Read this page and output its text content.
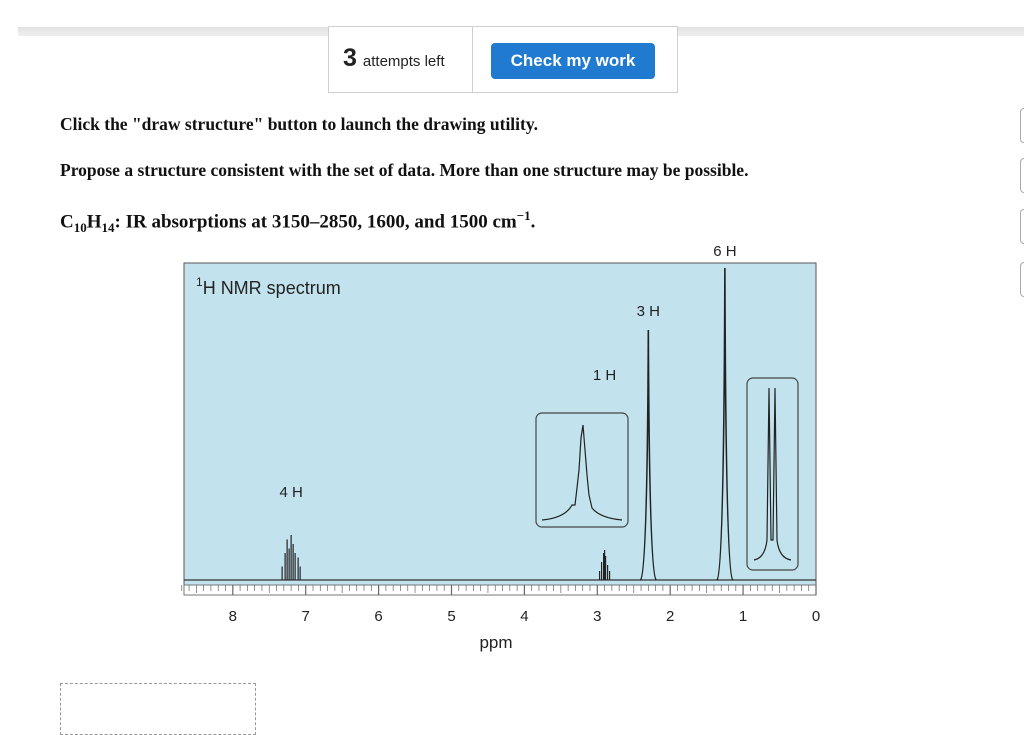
3 attempts left	Check my work
Click the "draw structure" button to launch the drawing utility.
Propose a structure consistent with the set of data. More than one structure may be possible.
$C_{10}H_{14}$: IR absorptions at 3150–2850, 1600, and 1500 $cm^{-1}$.
$^1$H NMR spectrum
8	7	6	5	4	3	2	1	0
4 H
1 H
3 H
6 H
ppm
